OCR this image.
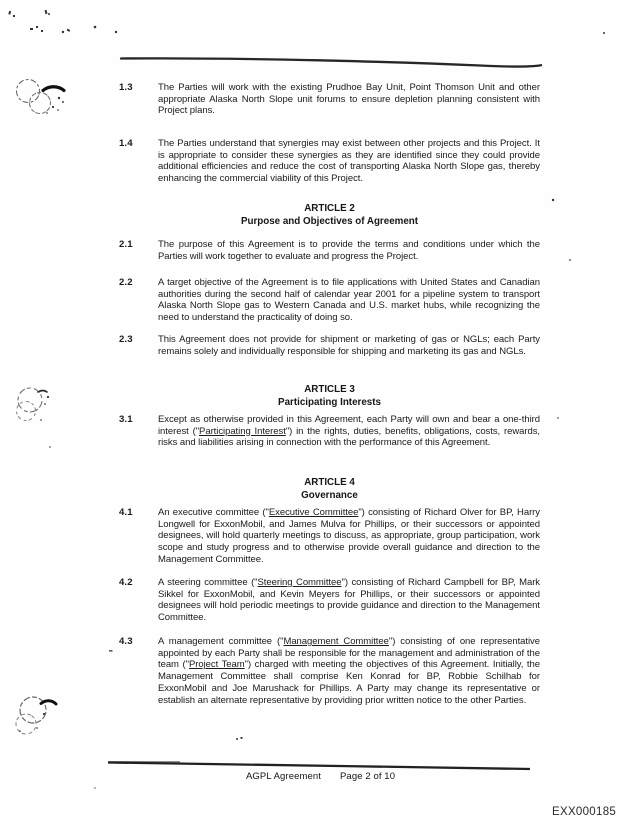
1.3	The Parties will work with the existing Prudhoe Bay Unit, Point Thomson Unit and other appropriate Alaska North Slope unit forums to ensure depletion planning consistent with Project plans.
1.4	The Parties understand that synergies may exist between other projects and this Project. It is appropriate to consider these synergies as they are identified since they could provide additional efficiencies and reduce the cost of transporting Alaska North Slope gas, thereby enhancing the commercial viability of this Project.
ARTICLE 2
Purpose and Objectives of Agreement
2.1	The purpose of this Agreement is to provide the terms and conditions under which the Parties will work together to evaluate and progress the Project.
2.2	A target objective of the Agreement is to file applications with United States and Canadian authorities during the second half of calendar year 2001 for a pipeline system to transport Alaska North Slope gas to Western Canada and U.S. market hubs, while recognizing the need to understand the practicality of doing so.
2.3	This Agreement does not provide for shipment or marketing of gas or NGLs; each Party remains solely and individually responsible for shipping and marketing its gas and NGLs.
ARTICLE 3
Participating Interests
3.1	Except as otherwise provided in this Agreement, each Party will own and bear a one-third interest ("Participating Interest") in the rights, duties, benefits, obligations, costs, rewards, risks and liabilities arising in connection with the performance of this Agreement.
ARTICLE 4
Governance
4.1	An executive committee ("Executive Committee") consisting of Richard Olver for BP, Harry Longwell for ExxonMobil, and James Mulva for Phillips, or their successors or appointed designees, will hold quarterly meetings to discuss, as appropriate, group participation, work scope and study progress and to otherwise provide overall guidance and direction to the Management Committee.
4.2	A steering committee ("Steering Committee") consisting of Richard Campbell for BP, Mark Sikkel for ExxonMobil, and Kevin Meyers for Phillips, or their successors or appointed designees will hold periodic meetings to provide guidance and direction to the Management Committee.
4.3	A management committee ("Management Committee") consisting of one representative appointed by each Party shall be responsible for the management and administration of the team ("Project Team") charged with meeting the objectives of this Agreement. Initially, the Management Committee shall comprise Ken Konrad for BP, Robbie Schilhab for ExxonMobil and Joe Marushack for Phillips. A Party may change its representative or establish an alternate representative by providing prior written notice to the other Parties.
AGPL Agreement Page 2 of 10
EXX000185
